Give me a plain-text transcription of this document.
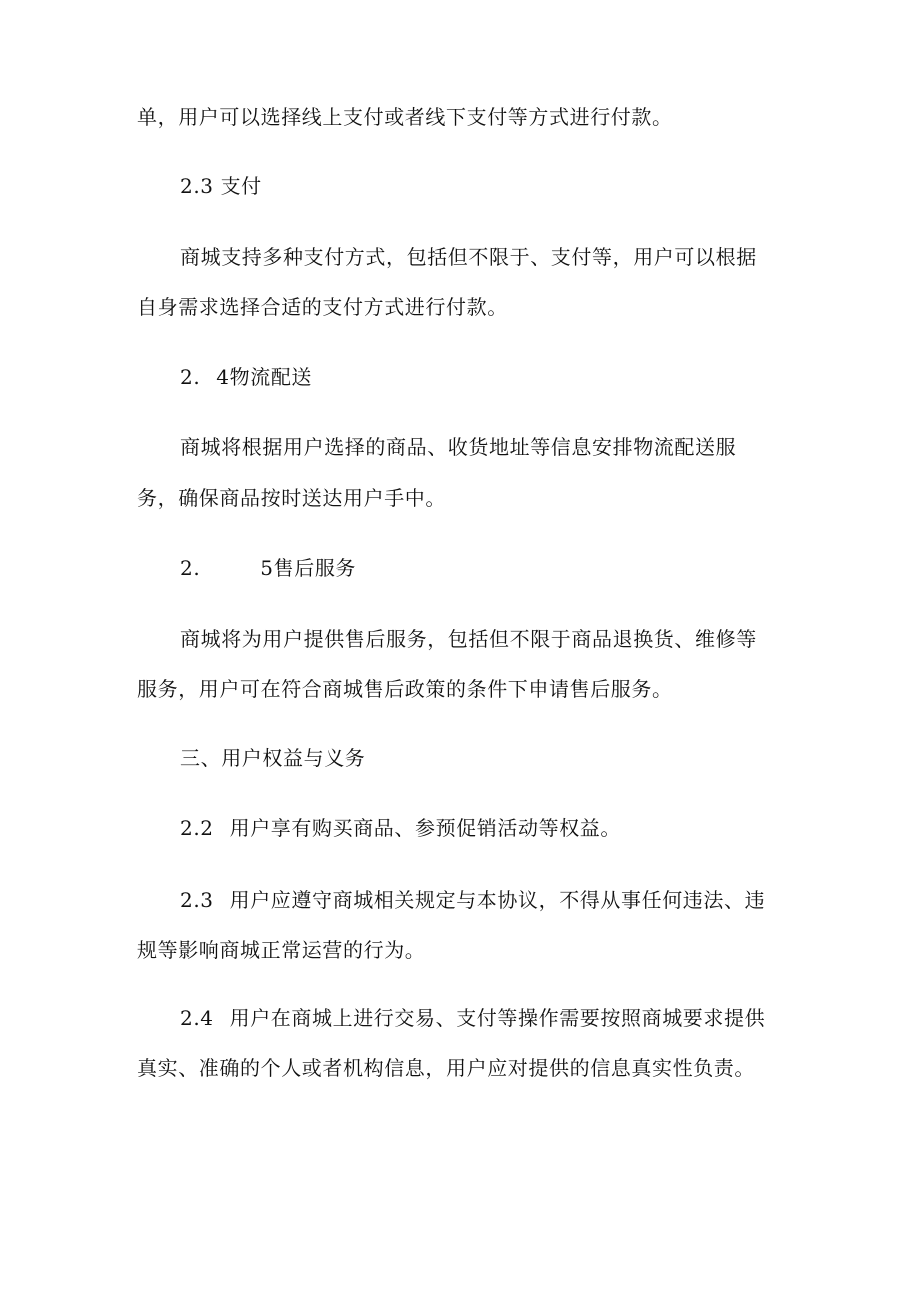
单，用户可以选择线上支付或者线下支付等方式进行付款。
2.3 支付
商城支持多种支付方式，包括但不限于、支付等，用户可以根据
自身需求选择合适的支付方式进行付款。
2. 4物流配送
商城将根据用户选择的商品、收货地址等信息安排物流配送服
务，确保商品按时送达用户手中。
2.	5售后服务
商城将为用户提供售后服务，包括但不限于商品退换货、维修等
服务，用户可在符合商城售后政策的条件下申请售后服务。
三、用户权益与义务
2.2 用户享有购买商品、参预促销活动等权益。
2.3 用户应遵守商城相关规定与本协议，不得从事任何违法、违
规等影响商城正常运营的行为。
2.4 用户在商城上进行交易、支付等操作需要按照商城要求提供
真实、准确的个人或者机构信息，用户应对提供的信息真实性负责。
